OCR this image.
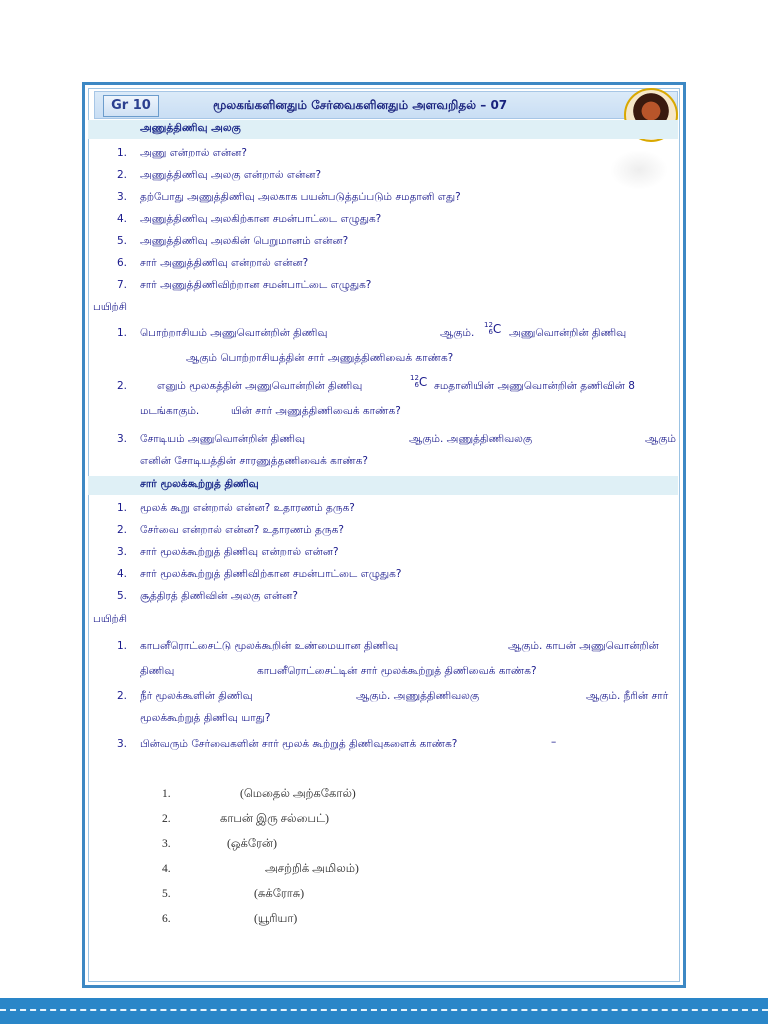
Gr 10	மூலகங்களினதும் சேர்வைகளினதும் அளவறிதல் – 07
அணுத்திணிவு அலகு
1. அணு என்றால் என்ன?
2. அணுத்திணிவு அலகு என்றால் என்ன?
3. தற்போது அணுத்திணிவு அலகாக பயன்படுத்தப்படும் சமதானி எது?
4. அணுத்திணிவு அலகிற்கான சமன்பாட்டை எழுதுக?
5. அணுத்திணிவு அலகின் பெறுமானம் என்ன?
6. சார் அணுத்திணிவு என்றால் என்ன?
7. சார் அணுத்திணிவிற்றான சமன்பாட்டை எழுதுக?
பயிற்சி
1. பொற்றாசியம் அணுவொன்றின் திணிவு	ஆகும்.
12
6C அணுவொன்றின் திணிவு
ஆகும் பொற்றாசியத்தின் சார் அணுத்திணிவைக் காண்க?
2.	எனும் மூலகத்தின் அணுவொன்றின் திணிவு
12
6C சமதானியின் அணுவொன்றின் தணிவின் 8
மடங்காகும்.	யின் சார் அணுத்திணிவைக் காண்க?
3. சோடியம் அணுவொன்றின் திணிவு	ஆகும். அணுத்திணிவலகு	ஆகும்
எனின் சோடியத்தின் சாரணுத்தணிவைக் காண்க?
சார் மூலக்கூற்றுத் திணிவு
1. மூலக் கூறு என்றால் என்ன? உதாரணம் தருக?
2. சேர்வை என்றால் என்ன? உதாரணம் தருக?
3. சார் மூலக்கூற்றுத் திணிவு என்றால் என்ன?
4. சார் மூலக்கூற்றுத் திணிவிற்கான சமன்பாட்டை எழுதுக?
5. சூத்திரத் திணிவின் அலகு என்ன?
பயிற்சி
1. காபனீரொட்சைட்டு மூலக்கூறின் உண்மையான திணிவு	ஆகும். காபன் அணுவொன்றின்
திணிவு	காபனீரொட்சைட்டின் சார் மூலக்கூற்றுத் திணிவைக் காண்க?
2. நீர் மூலக்கூளின் திணிவு	ஆகும். அணுத்திணிவலகு	ஆகும். நீரின் சார்
மூலக்கூற்றுத் திணிவு யாது?
3. பின்வரும் சேர்வைகளின் சார் மூலக் கூற்றுத் திணிவுகளைக் காண்க?	–
1.	(மெதைல் அற்ககோல்)
2.	காபன் இரு சல்பைட்)
3.	(ஒக்ரேன்)
4.	அசற்றிக் அமிலம்)
5.	(சுக்ரோசு)
6.	(யூரியா)
